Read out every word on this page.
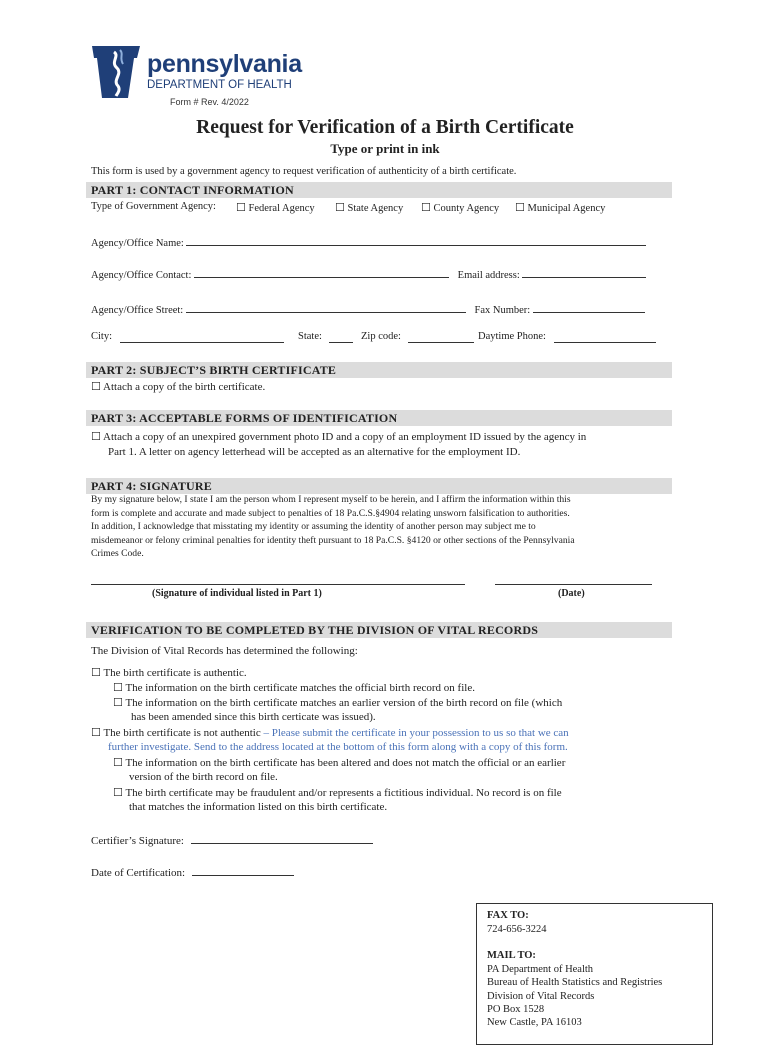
pennsylvania
DEPARTMENT OF HEALTH
Form # Rev. 4/2022
Request for Verification of a Birth Certificate
Type or print in ink
This form is used by a government agency to request verification of authenticity of a birth certificate.
PART 1: CONTACT INFORMATION
Type of Government Agency: ☐ Federal Agency ☐ State Agency ☐ County Agency ☐ Municipal Agency
Agency/Office Name:
Agency/Office Contact:	Email address:
Agency/Office Street:	Fax Number:
City:	State:	Zip code:	Daytime Phone:
PART 2: SUBJECT’S BIRTH CERTIFICATE
☐ Attach a copy of the birth certificate.
PART 3: ACCEPTABLE FORMS OF IDENTIFICATION
☐ Attach a copy of an unexpired government photo ID and a copy of an employment ID issued by the agency in
Part 1. A letter on agency letterhead will be accepted as an alternative for the employment ID.
PART 4: SIGNATURE
By my signature below, I state I am the person whom I represent myself to be herein, and I affirm the information within this
form is complete and accurate and made subject to penalties of 18 Pa.C.S.§4904 relating unsworn falsification to authorities.
In addition, I acknowledge that misstating my identity or assuming the identity of another person may subject me to
misdemeanor or felony criminal penalties for identity theft pursuant to 18 Pa.C.S. §4120 or other sections of the Pennsylvania
Crimes Code.
(Signature of individual listed in Part 1)	(Date)
VERIFICATION TO BE COMPLETED BY THE DIVISION OF VITAL RECORDS
The Division of Vital Records has determined the following:
☐ The birth certificate is authentic.
☐ The information on the birth certificate matches the official birth record on file.
☐ The information on the birth certificate matches an earlier version of the birth record on file (which
has been amended since this birth certicate was issued).
☐ The birth certificate is not authentic – Please submit the certificate in your possession to us so that we can
further investigate. Send to the address located at the bottom of this form along with a copy of this form.
☐ The information on the birth certificate has been altered and does not match the official or an earlier
version of the birth record on file.
☐ The birth certificate may be fraudulent and/or represents a fictitious individual. No record is on file
that matches the information listed on this birth certificate.
Certifier’s Signature:
Date of Certification:
FAX TO:
724-656-3224
MAIL TO:
PA Department of Health
Bureau of Health Statistics and Registries
Division of Vital Records
PO Box 1528
New Castle, PA 16103
